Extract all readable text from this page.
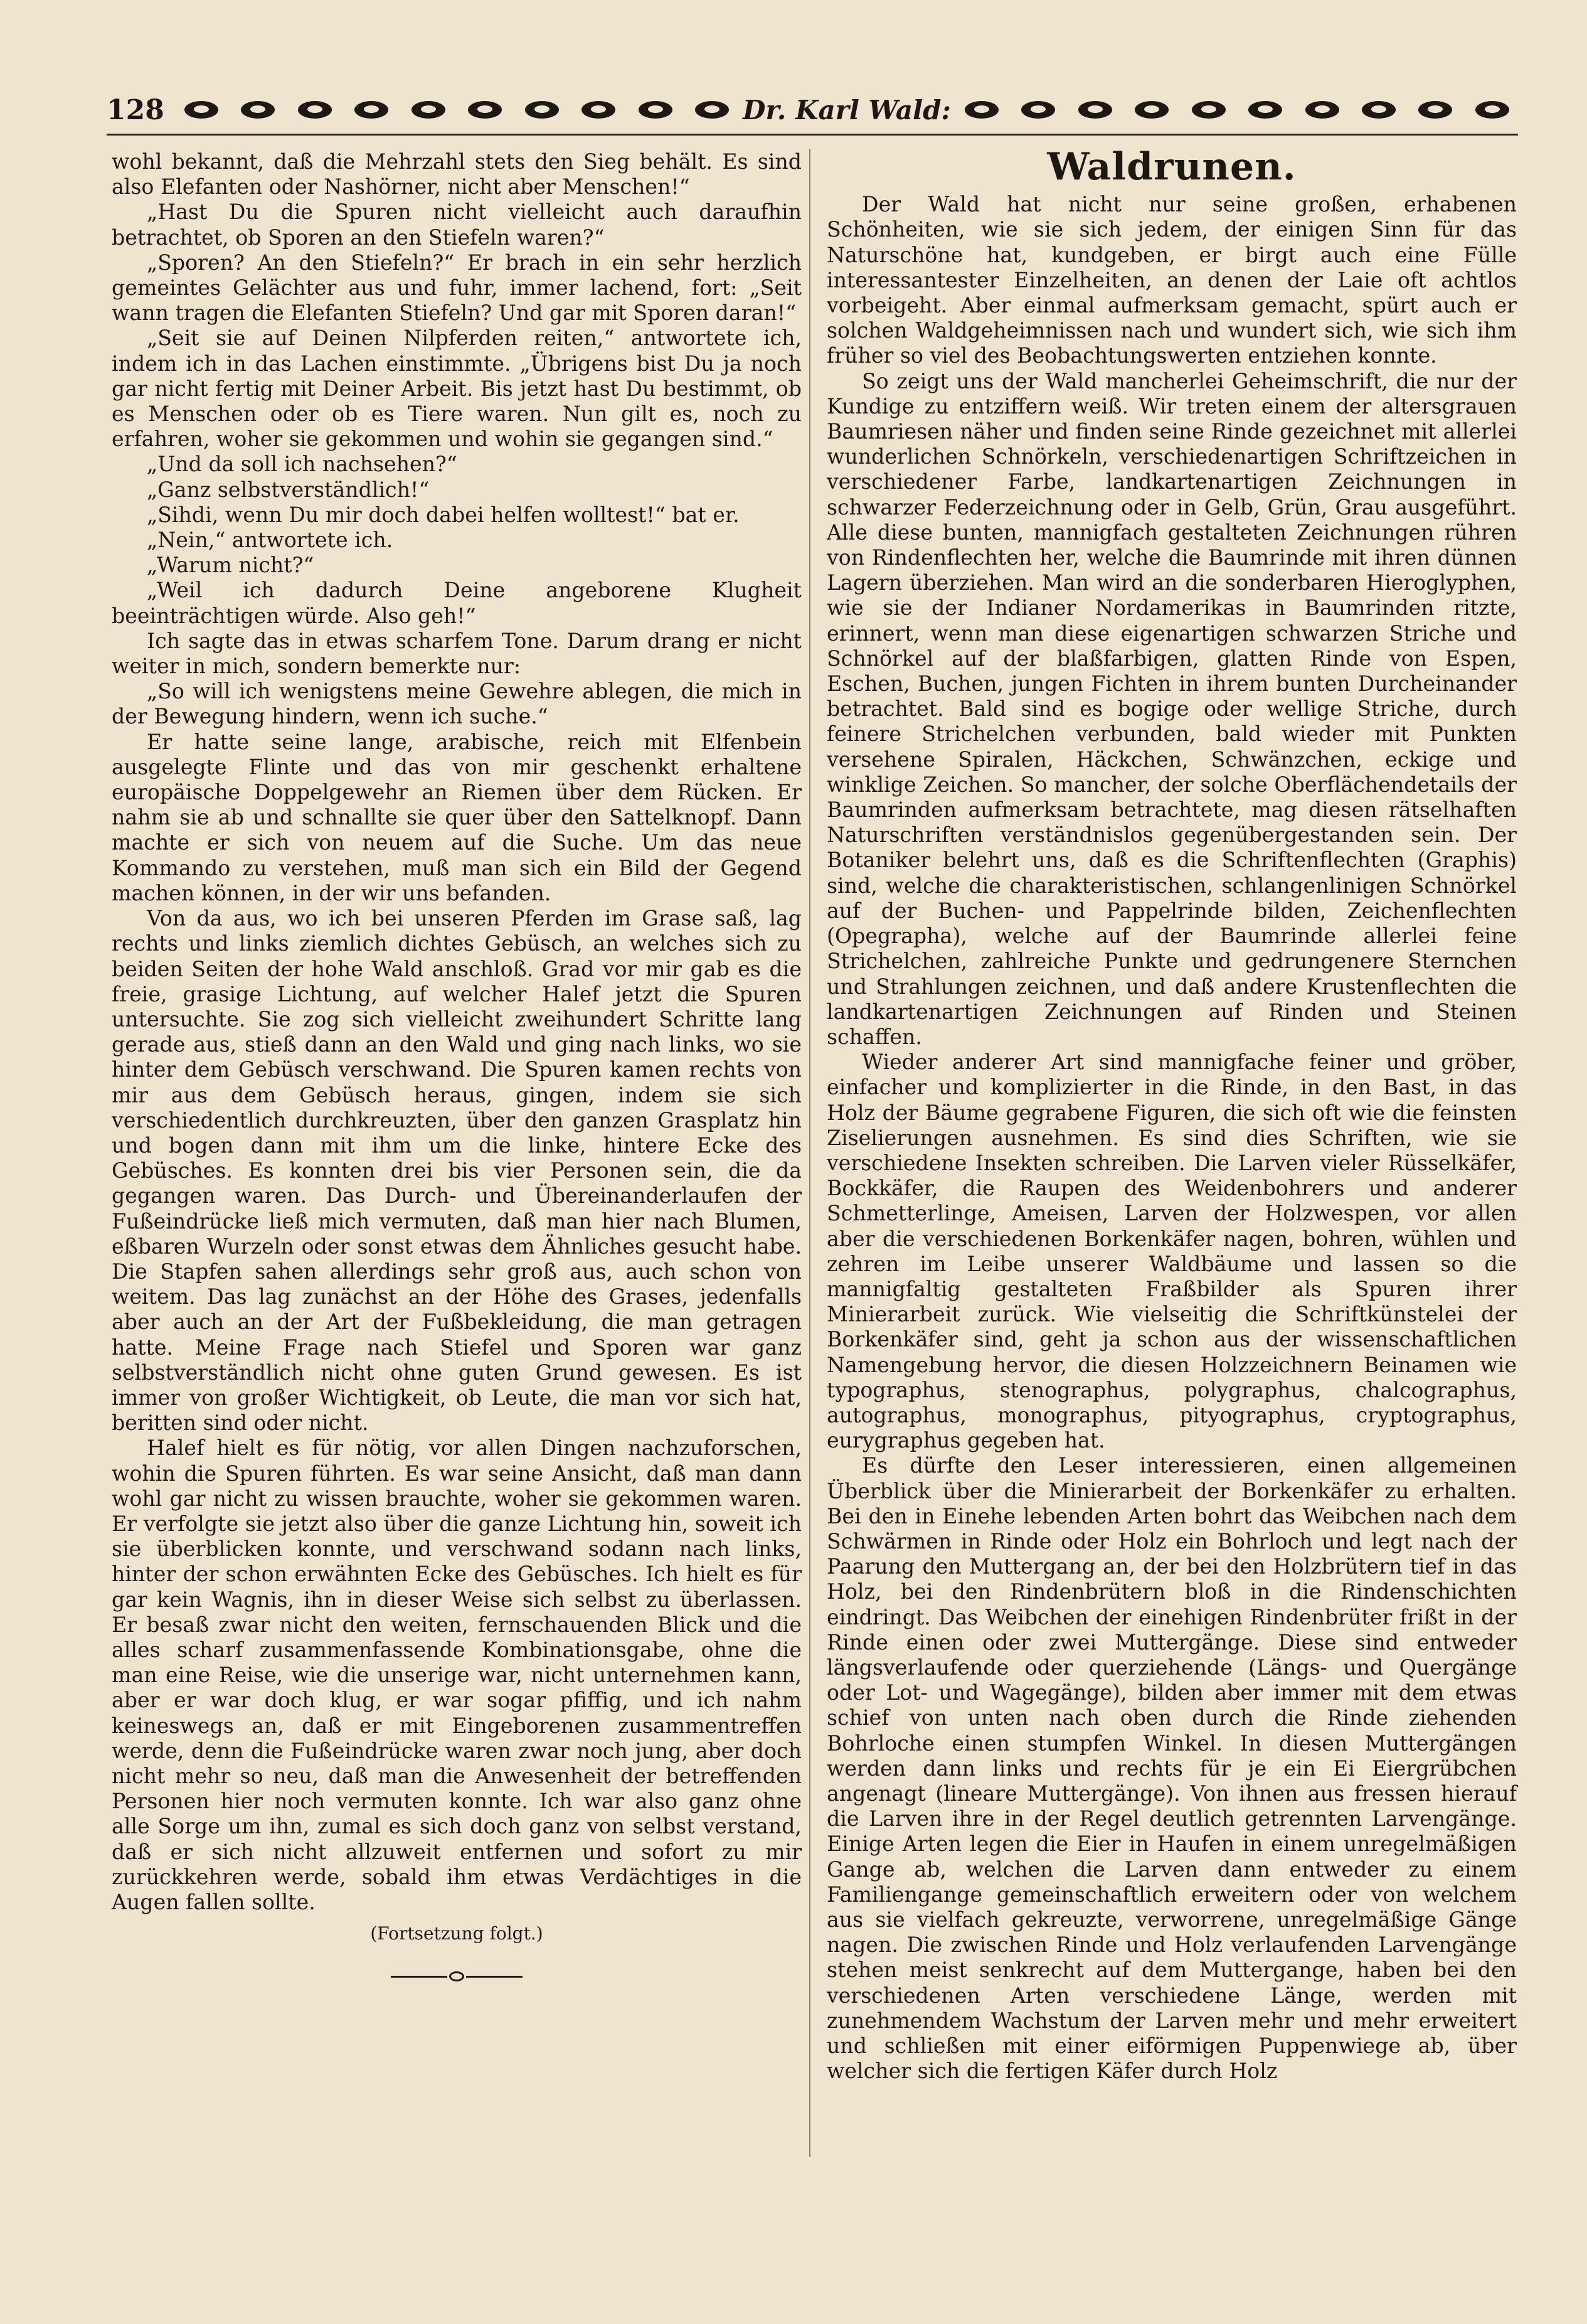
128	Dr. Karl Wald:

wohl bekannt, daß die Mehrzahl stets den Sieg behält. Es sind also Elefanten oder Nashörner, nicht aber Menschen!“

„Hast Du die Spuren nicht vielleicht auch daraufhin betrachtet, ob Sporen an den Stiefeln waren?“

„Sporen? An den Stiefeln?“ Er brach in ein sehr herzlich gemeintes Gelächter aus und fuhr, immer lachend, fort: „Seit wann tragen die Elefanten Stiefeln? Und gar mit Sporen daran!“

„Seit sie auf Deinen Nilpferden reiten,“ antwortete ich, indem ich in das Lachen einstimmte. „Übrigens bist Du ja noch gar nicht fertig mit Deiner Arbeit. Bis jetzt hast Du bestimmt, ob es Menschen oder ob es Tiere waren. Nun gilt es, noch zu erfahren, woher sie gekommen und wohin sie gegangen sind.“

„Und da soll ich nachsehen?“

„Ganz selbstverständlich!“

„Sihdi, wenn Du mir doch dabei helfen wolltest!“ bat er.

„Nein,“ antwortete ich.

„Warum nicht?“

„Weil ich dadurch Deine angeborene Klugheit beeinträchtigen würde. Also geh!“

Ich sagte das in etwas scharfem Tone. Darum drang er nicht weiter in mich, sondern bemerkte nur:

„So will ich wenigstens meine Gewehre ablegen, die mich in der Bewegung hindern, wenn ich suche.“

Er hatte seine lange, arabische, reich mit Elfenbein ausgelegte Flinte und das von mir geschenkt erhaltene europäische Doppelgewehr an Riemen über dem Rücken. Er nahm sie ab und schnallte sie quer über den Sattelknopf. Dann machte er sich von neuem auf die Suche. Um das neue Kommando zu verstehen, muß man sich ein Bild der Gegend machen können, in der wir uns befanden.

Von da aus, wo ich bei unseren Pferden im Grase saß, lag rechts und links ziemlich dichtes Gebüsch, an welches sich zu beiden Seiten der hohe Wald anschloß. Grad vor mir gab es die freie, grasige Lichtung, auf welcher Halef jetzt die Spuren untersuchte. Sie zog sich vielleicht zweihundert Schritte lang gerade aus, stieß dann an den Wald und ging nach links, wo sie hinter dem Gebüsch verschwand. Die Spuren kamen rechts von mir aus dem Gebüsch heraus, gingen, indem sie sich verschiedentlich durchkreuzten, über den ganzen Grasplatz hin und bogen dann mit ihm um die linke, hintere Ecke des Gebüsches. Es konnten drei bis vier Personen sein, die da gegangen waren. Das Durch- und Übereinanderlaufen der Fußeindrücke ließ mich vermuten, daß man hier nach Blumen, eßbaren Wurzeln oder sonst etwas dem Ähnliches gesucht habe. Die Stapfen sahen allerdings sehr groß aus, auch schon von weitem. Das lag zunächst an der Höhe des Grases, jedenfalls aber auch an der Art der Fußbekleidung, die man getragen hatte. Meine Frage nach Stiefel und Sporen war ganz selbstverständlich nicht ohne guten Grund gewesen. Es ist immer von großer Wichtigkeit, ob Leute, die man vor sich hat, beritten sind oder nicht.

Halef hielt es für nötig, vor allen Dingen nachzuforschen, wohin die Spuren führten. Es war seine Ansicht, daß man dann wohl gar nicht zu wissen brauchte, woher sie gekommen waren. Er verfolgte sie jetzt also über die ganze Lichtung hin, soweit ich sie überblicken konnte, und verschwand sodann nach links, hinter der schon erwähnten Ecke des Gebüsches. Ich hielt es für gar kein Wagnis, ihn in dieser Weise sich selbst zu überlassen. Er besaß zwar nicht den weiten, fernschauenden Blick und die alles scharf zusammenfassende Kombinationsgabe, ohne die man eine Reise, wie die unserige war, nicht unternehmen kann, aber er war doch klug, er war sogar pfiffig, und ich nahm keineswegs an, daß er mit Eingeborenen zusammentreffen werde, denn die Fußeindrücke waren zwar noch jung, aber doch nicht mehr so neu, daß man die Anwesenheit der betreffenden Personen hier noch vermuten konnte. Ich war also ganz ohne alle Sorge um ihn, zumal es sich doch ganz von selbst verstand, daß er sich nicht allzuweit entfernen und sofort zu mir zurückkehren werde, sobald ihm etwas Verdächtiges in die Augen fallen sollte.

(Fortsetzung folgt.)
Waldrunen.

Der Wald hat nicht nur seine großen, erhabenen Schönheiten, wie sie sich jedem, der einigen Sinn für das Naturschöne hat, kundgeben, er birgt auch eine Fülle interessantester Einzelheiten, an denen der Laie oft achtlos vorbeigeht. Aber einmal aufmerksam gemacht, spürt auch er solchen Waldgeheimnissen nach und wundert sich, wie sich ihm früher so viel des Beobachtungswerten entziehen konnte.

So zeigt uns der Wald mancherlei Geheimschrift, die nur der Kundige zu entziffern weiß. Wir treten einem der altersgrauen Baumriesen näher und finden seine Rinde gezeichnet mit allerlei wunderlichen Schnörkeln, verschiedenartigen Schriftzeichen in verschiedener Farbe, landkartenartigen Zeichnungen in schwarzer Federzeichnung oder in Gelb, Grün, Grau ausgeführt. Alle diese bunten, mannigfach gestalteten Zeichnungen rühren von Rindenflechten her, welche die Baumrinde mit ihren dünnen Lagern überziehen. Man wird an die sonderbaren Hieroglyphen, wie sie der Indianer Nordamerikas in Baumrinden ritzte, erinnert, wenn man diese eigenartigen schwarzen Striche und Schnörkel auf der blaßfarbigen, glatten Rinde von Espen, Eschen, Buchen, jungen Fichten in ihrem bunten Durcheinander betrachtet. Bald sind es bogige oder wellige Striche, durch feinere Strichelchen verbunden, bald wieder mit Punkten versehene Spiralen, Häckchen, Schwänzchen, eckige und winklige Zeichen. So mancher, der solche Oberflächendetails der Baumrinden aufmerksam betrachtete, mag diesen rätselhaften Naturschriften verständnislos gegenübergestanden sein. Der Botaniker belehrt uns, daß es die Schriftenflechten (Graphis) sind, welche die charakteristischen, schlangenlinigen Schnörkel auf der Buchen- und Pappelrinde bilden, Zeichenflechten (Opegrapha), welche auf der Baumrinde allerlei feine Strichelchen, zahlreiche Punkte und gedrungenere Sternchen und Strahlungen zeichnen, und daß andere Krustenflechten die landkartenartigen Zeichnungen auf Rinden und Steinen schaffen.

Wieder anderer Art sind mannigfache feiner und gröber, einfacher und komplizierter in die Rinde, in den Bast, in das Holz der Bäume gegrabene Figuren, die sich oft wie die feinsten Ziselierungen ausnehmen. Es sind dies Schriften, wie sie verschiedene Insekten schreiben. Die Larven vieler Rüsselkäfer, Bockkäfer, die Raupen des Weidenbohrers und anderer Schmetterlinge, Ameisen, Larven der Holzwespen, vor allen aber die verschiedenen Borkenkäfer nagen, bohren, wühlen und zehren im Leibe unserer Waldbäume und lassen so die mannigfaltig gestalteten Fraßbilder als Spuren ihrer Minierarbeit zurück. Wie vielseitig die Schriftkünstelei der Borkenkäfer sind, geht ja schon aus der wissenschaftlichen Namengebung hervor, die diesen Holzzeichnern Beinamen wie typographus, stenographus, polygraphus, chalcographus, autographus, monographus, pityographus, cryptographus, eurygraphus gegeben hat.

Es dürfte den Leser interessieren, einen allgemeinen Überblick über die Minierarbeit der Borkenkäfer zu erhalten. Bei den in Einehe lebenden Arten bohrt das Weibchen nach dem Schwärmen in Rinde oder Holz ein Bohrloch und legt nach der Paarung den Muttergang an, der bei den Holzbrütern tief in das Holz, bei den Rindenbrütern bloß in die Rindenschichten eindringt. Das Weibchen der einehigen Rindenbrüter frißt in der Rinde einen oder zwei Muttergänge. Diese sind entweder längsverlaufende oder querziehende (Längs- und Quergänge oder Lot- und Wagegänge), bilden aber immer mit dem etwas schief von unten nach oben durch die Rinde ziehenden Bohrloche einen stumpfen Winkel. In diesen Muttergängen werden dann links und rechts für je ein Ei Eiergrübchen angenagt (lineare Muttergänge). Von ihnen aus fressen hierauf die Larven ihre in der Regel deutlich getrennten Larvengänge. Einige Arten legen die Eier in Haufen in einem unregelmäßigen Gange ab, welchen die Larven dann entweder zu einem Familiengange gemeinschaftlich erweitern oder von welchem aus sie vielfach gekreuzte, verworrene, unregelmäßige Gänge nagen. Die zwischen Rinde und Holz verlaufenden Larvengänge stehen meist senkrecht auf dem Muttergange, haben bei den verschiedenen Arten verschiedene Länge, werden mit zunehmendem Wachstum der Larven mehr und mehr erweitert und schließen mit einer eiförmigen Puppenwiege ab, über welcher sich die fertigen Käfer durch Holz
